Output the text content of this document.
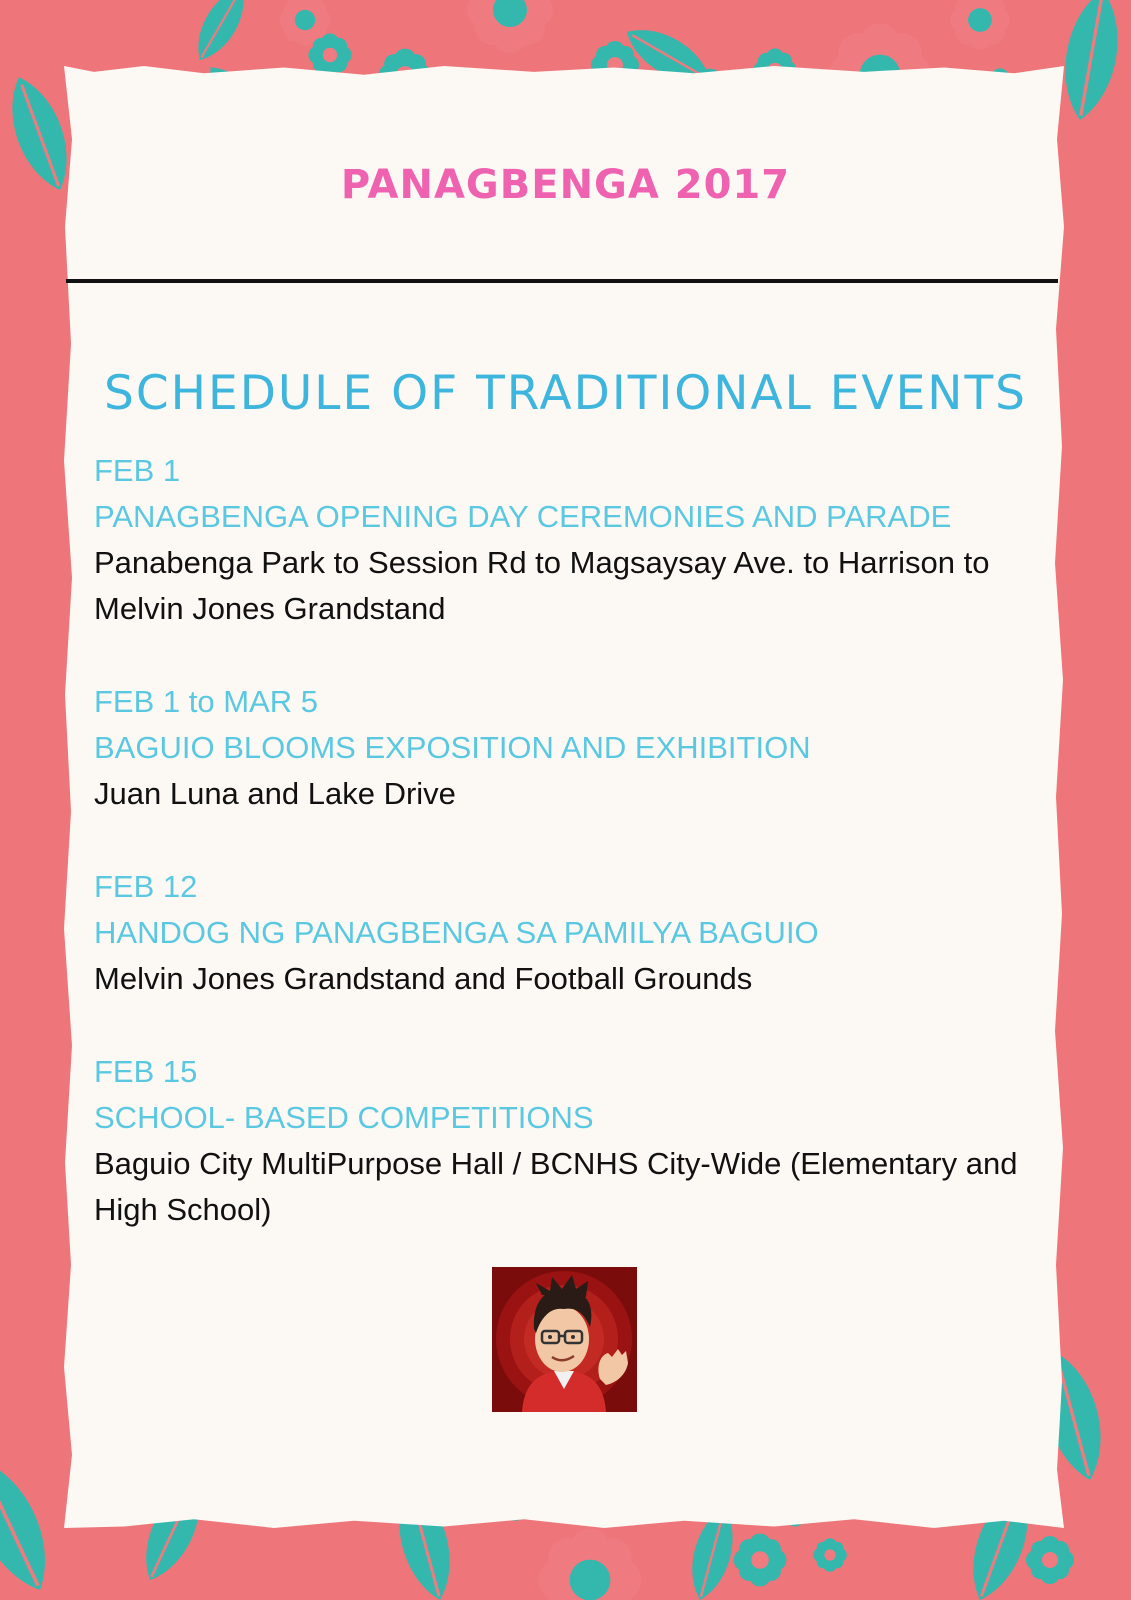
PANAGBENGA 2017
SCHEDULE OF TRADITIONAL EVENTS
FEB 1
PANAGBENGA OPENING DAY CEREMONIES AND PARADE
Panabenga Park to Session Rd to Magsaysay Ave. to Harrison to Melvin Jones Grandstand
FEB 1 to MAR 5
BAGUIO BLOOMS EXPOSITION AND EXHIBITION
Juan Luna and Lake Drive
FEB 12
HANDOG NG PANAGBENGA SA PAMILYA BAGUIO
Melvin Jones Grandstand and Football Grounds
FEB 15
SCHOOL- BASED COMPETITIONS
Baguio City MultiPurpose Hall / BCNHS City-Wide (Elementary and High School)
